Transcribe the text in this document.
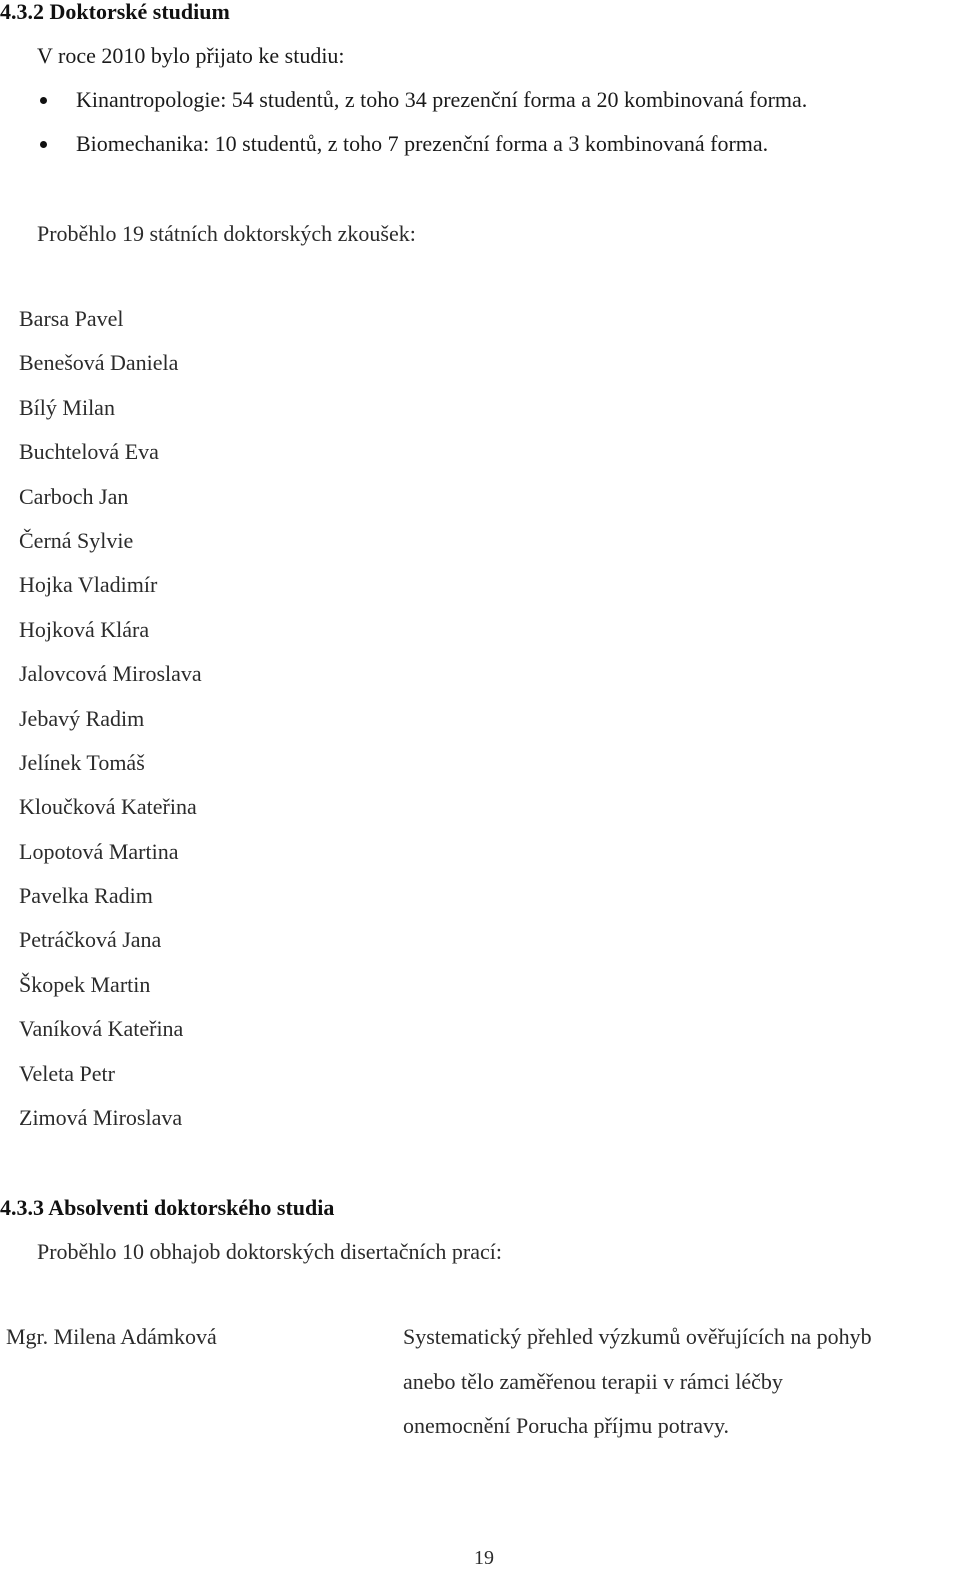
4.3.2 Doktorské studium
V roce 2010 bylo přijato ke studiu:
Kinantropologie: 54 studentů, z toho 34 prezenční forma a 20 kombinovaná forma.
Biomechanika: 10 studentů, z toho 7 prezenční forma a 3 kombinovaná forma.
Proběhlo 19 státních doktorských zkoušek:
Barsa Pavel
Benešová Daniela
Bílý Milan
Buchtelová Eva
Carboch Jan
Černá Sylvie
Hojka Vladimír
Hojková Klára
Jalovcová Miroslava
Jebavý Radim
Jelínek Tomáš
Kloučková Kateřina
Lopotová Martina
Pavelka Radim
Petráčková Jana
Škopek Martin
Vaníková Kateřina
Veleta Petr
Zimová Miroslava
4.3.3 Absolventi doktorského studia
Proběhlo 10 obhajob doktorských disertačních prací:
Mgr. Milena Adámková	Systematický přehled výzkumů ověřujících na pohyb
anebo tělo zaměřenou terapii v rámci léčby
onemocnění Porucha příjmu potravy.
19
